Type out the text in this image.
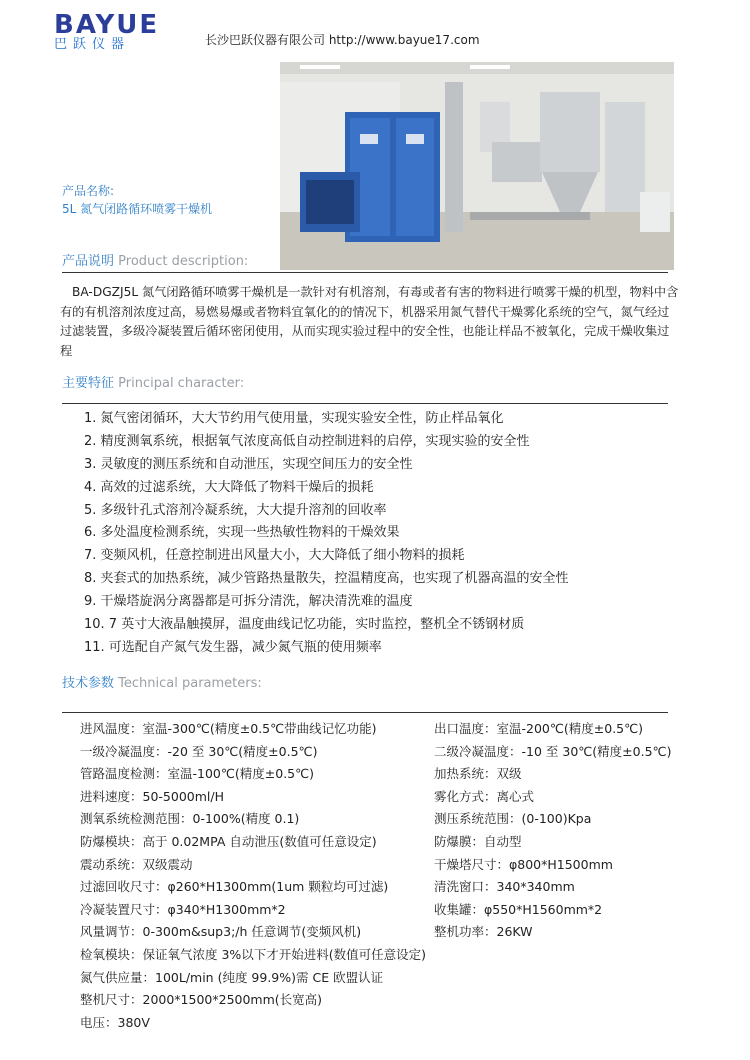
BAYUE
巴跃仪器	长沙巴跃仪器有限公司 http://www.bayue17.com
产品名称:
5L 氮气闭路循环喷雾干燥机
产品说明 Product description:
BA-DGZJ5L 氮气闭路循环喷雾干燥机是一款针对有机溶剂，有毒或者有害的物料进行喷雾干燥的机型，物料中含有的有机溶剂浓度过高，易燃易爆或者物料宜氧化的的情况下，机器采用氮气替代干燥雾化系统的空气，氮气经过过滤装置，多级冷凝装置后循环密闭使用，从而实现实验过程中的安全性，也能让样品不被氧化，完成干燥收集过程
主要特征 Principal character:
1. 氮气密闭循环，大大节约用气使用量，实现实验安全性，防止样品氧化
2. 精度测氧系统，根据氧气浓度高低自动控制进料的启停，实现实验的安全性
3. 灵敏度的测压系统和自动泄压，实现空间压力的安全性
4. 高效的过滤系统，大大降低了物料干燥后的损耗
5. 多级针孔式溶剂冷凝系统，大大提升溶剂的回收率
6. 多处温度检测系统，实现一些热敏性物料的干燥效果
7. 变频风机，任意控制进出风量大小，大大降低了细小物料的损耗
8. 夹套式的加热系统，减少管路热量散失，控温精度高，也实现了机器高温的安全性
9. 干燥塔旋涡分离器都是可拆分清洗，解决清洗难的温度
10. 7 英寸大液晶触摸屏，温度曲线记忆功能，实时监控，整机全不锈钢材质
11. 可选配自产氮气发生器，减少氮气瓶的使用频率
技术参数 Technical parameters:
进风温度：室温-300℃(精度±0.5℃带曲线记忆功能)	出口温度：室温-200℃(精度±0.5℃)
一级冷凝温度：-20 至 30℃(精度±0.5℃)	二级冷凝温度：-10 至 30℃(精度±0.5℃)
管路温度检测：室温-100℃(精度±0.5℃)	加热系统：双级
进料速度：50-5000ml/H	雾化方式：离心式
测氧系统检测范围：0-100%(精度 0.1)	测压系统范围：(0-100)Kpa
防爆模块：高于 0.02MPA 自动泄压(数值可任意设定)	防爆膜：自动型
震动系统：双级震动	干燥塔尺寸：φ800*H1500mm
过滤回收尺寸：φ260*H1300mm(1um 颗粒均可过滤)	清洗窗口：340*340mm
冷凝装置尺寸：φ340*H1300mm*2	收集罐：φ550*H1560mm*2
风量调节：0-300m&sup3;/h 任意调节(变频风机)	整机功率：26KW
检氧模块：保证氧气浓度 3%以下才开始进料(数值可任意设定)
氮气供应量：100L/min (纯度 99.9%)需 CE 欧盟认证
整机尺寸：2000*1500*2500mm(长宽高)
电压：380V
